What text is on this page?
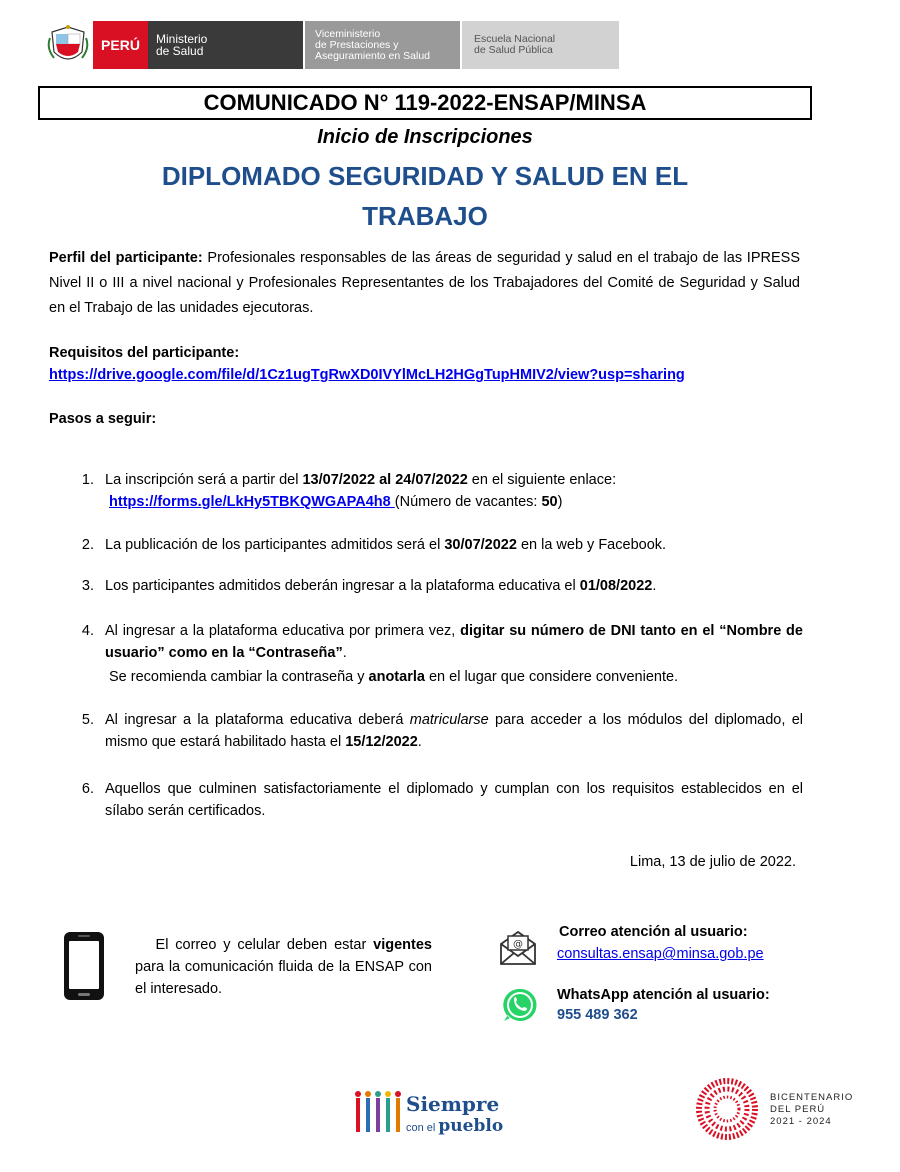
PERÚ Ministerio
de Salud
Viceministerio
de Prestaciones y
Aseguramiento en Salud
Escuela Nacional
de Salud Pública
COMUNICADO N° 119-2022-ENSAP/MINSA
Inicio de Inscripciones
DIPLOMADO SEGURIDAD Y SALUD EN EL
TRABAJO
Perfil del participante: Profesionales responsables de las áreas de seguridad y salud en el trabajo de las IPRESS Nivel II o III a nivel nacional y Profesionales Representantes de los Trabajadores del Comité de Seguridad y Salud en el Trabajo de las unidades ejecutoras.
Requisitos del participante:
https://drive.google.com/file/d/1Cz1ugTgRwXD0IVYlMcLH2HGgTupHMIV2/view?usp=sharing
Pasos a seguir:
1. La inscripción será a partir del 13/07/2022 al 24/07/2022 en el siguiente enlace:
https://forms.gle/LkHy5TBKQWGAPA4h8 (Número de vacantes: 50)
2. La publicación de los participantes admitidos será el 30/07/2022 en la web y Facebook.
3. Los participantes admitidos deberán ingresar a la plataforma educativa el 01/08/2022.
4. Al ingresar a la plataforma educativa por primera vez, digitar su número de DNI tanto en el “Nombre de usuario” como en la “Contraseña”.
Se recomienda cambiar la contraseña y anotarla en el lugar que considere conveniente.
5. Al ingresar a la plataforma educativa deberá matricularse para acceder a los módulos del diplomado, el mismo que estará habilitado hasta el 15/12/2022.
6. Aquellos que culminen satisfactoriamente el diplomado y cumplan con los requisitos establecidos en el sílabo serán certificados.
Lima, 13 de julio de 2022.
El correo y celular deben estar vigentes para la comunicación fluida de la ENSAP con el interesado.
@
Correo atención al usuario:
consultas.ensap@minsa.gob.pe
WhatsApp atención al usuario:
955 489 362
Siempre
con el pueblo
BICENTENARIO
DEL PERÚ
2021 - 2024
